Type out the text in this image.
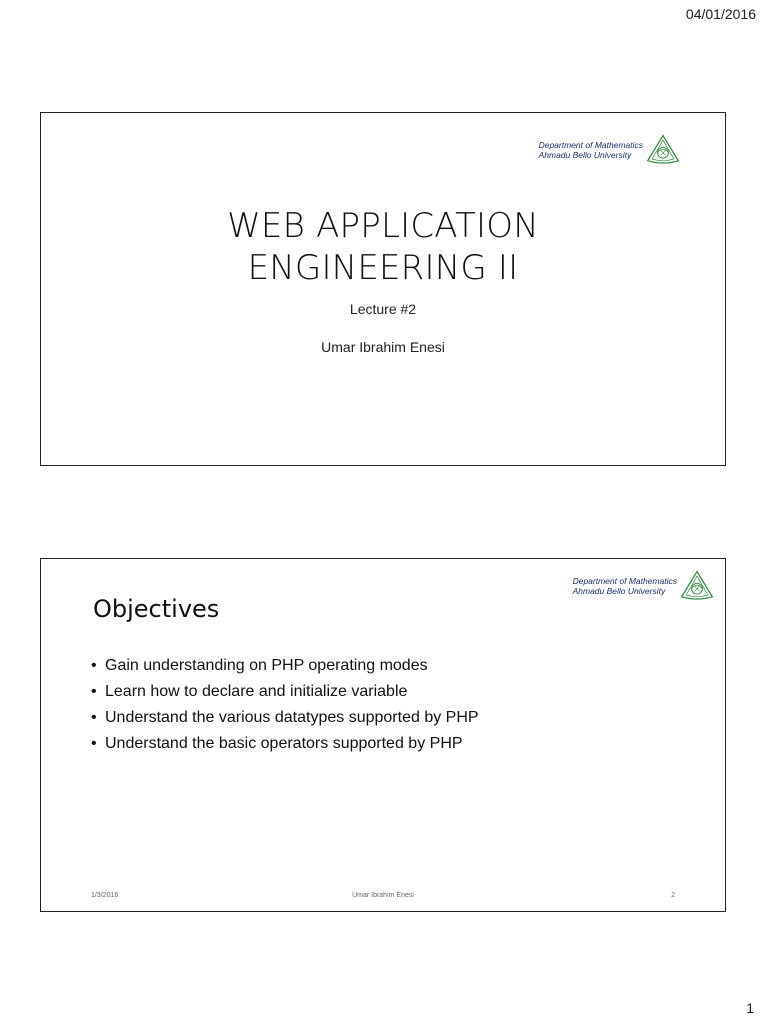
04/01/2016
Department of Mathematics
Ahmadu Bello University
WEB APPLICATION
ENGINEERING II
Lecture #2
Umar Ibrahim Enesi
Department of Mathematics
Ahmadu Bello University
Objectives
• Gain understanding on PHP operating modes
• Learn how to declare and initialize variable
• Understand the various datatypes supported by PHP
• Understand the basic operators supported by PHP
1/3/2016	Umar Ibrahim Enesi	2
1
